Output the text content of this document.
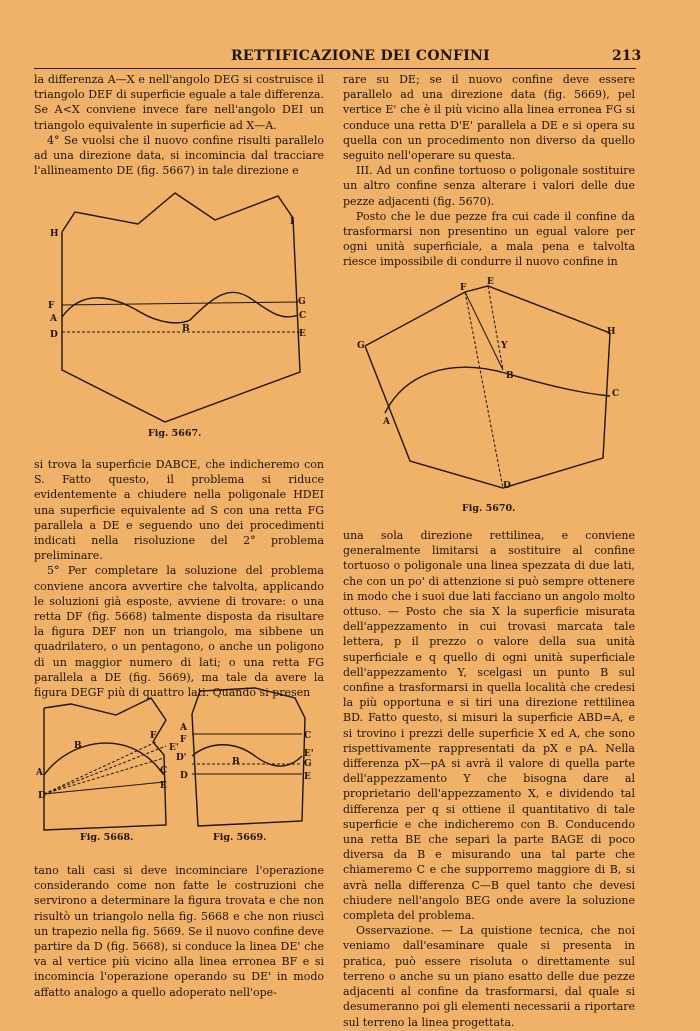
RETTIFICAZIONE DEI CONFINI	213

la differenza A—X e nell'angolo DEG si costruisce il triangolo DEF di superficie eguale a tale differenza. Se A<X conviene invece fare nell'angolo DEI un triangolo equivalente in superficie ad X—A.

4° Se vuolsi che il nuovo confine risulti parallelo ad una direzione data, si incomincia dal tracciare l'allineamento DE (fig. 5667) in tale direzione e

H
I
F
A
D
B
G
C
E
Fig. 5667.

si trova la superficie DABCE, che indicheremo con S. Fatto questo, il problema si riduce evidentemente a chiudere nella poligonale HDEI una superficie equivalente ad S con una retta FG parallela a DE e seguendo uno dei procedimenti indicati nella risoluzione del 2° problema preliminare.

5° Per completare la soluzione del problema conviene ancora avvertire che talvolta, applicando le soluzioni già esposte, avviene di trovare: o una retta DF (fig. 5668) talmente disposta da risultare la figura DEF non un triangolo, ma sibbene un quadrilatero, o un pentagono, o anche un poligono di un maggior numero di lati; o una retta FG parallela a DE (fig. 5669), ma tale da avere la figura DEGF più di quattro lati. Quando si presen

B
F
E'
A	C
E
D
Fig. 5668.
A
F
B
D'
D
C
E'
G
E
Fig. 5669.

tano tali casi si deve incominciare l'operazione considerando come non fatte le costruzioni che servirono a determinare la figura trovata e che non risultò un triangolo nella fig. 5668 e che non riuscì un trapezio nella fig. 5669. Se il nuovo confine deve partire da D (fig. 5668), si conduce la linea DE' che va al vertice più vicino alla linea erronea BF e si incomincia l'operazione operando su DE' in modo affatto analogo a quello adoperato nell'ope-

rare su DE; se il nuovo confine deve essere parallelo ad una direzione data (fig. 5669), pel vertice E' che è il più vicino alla linea erronea FG si conduce una retta D'E' parallela a DE e si opera su quella con un procedimento non diverso da quello seguito nell'operare su questa.

III. Ad un confine tortuoso o poligonale sostituire un altro confine senza alterare i valori delle due pezze adjacenti (fig. 5670).

Posto che le due pezze fra cui cade il confine da trasformarsi non presentino un egual valore per ogni unità superficiale, a mala pena e talvolta riesce impossibile di condurre il nuovo confine in

F
E
H
G	Y
B
C
A
D
Fig. 5670.

una sola direzione rettilinea, e conviene generalmente limitarsi a sostituire al confine tortuoso o poligonale una linea spezzata di due lati, che con un po' di attenzione si può sempre ottenere in modo che i suoi due lati facciano un angolo molto ottuso. — Posto che sia X la superficie misurata dell'appezzamento in cui trovasi marcata tale lettera, p il prezzo o valore della sua unità superficiale e q quello di ogni unità superficiale dell'appezzamento Y, scelgasi un punto B sul confine a trasformarsi in quella località che credesi la più opportuna e si tiri una direzione rettilinea BD. Fatto questo, si misuri la superficie ABD=A, e si trovino i prezzi delle superficie X ed A, che sono rispettivamente rappresentati da pX e pA. Nella differenza pX—pA si avrà il valore di quella parte dell'appezzamento Y che bisogna dare al proprietario dell'appezzamento X, e dividendo tal differenza per q si ottiene il quantitativo di tale superficie e che indicheremo con B. Conducendo una retta BE che separi la parte BAGE di poco diversa da B e misurando una tal parte che chiameremo C e che supporremo maggiore di B, si avrà nella differenza C—B quel tanto che devesi chiudere nell'angolo BEG onde avere la soluzione completa del problema.

Osservazione. — La quistione tecnica, che noi veniamo dall'esaminare quale si presenta in pratica, può essere risoluta o direttamente sul terreno o anche su un piano esatto delle due pezze adjacenti al confine da trasformarsi, dal quale si desumeranno poi gli elementi necessarii a riportare sul terreno la linea progettata.
